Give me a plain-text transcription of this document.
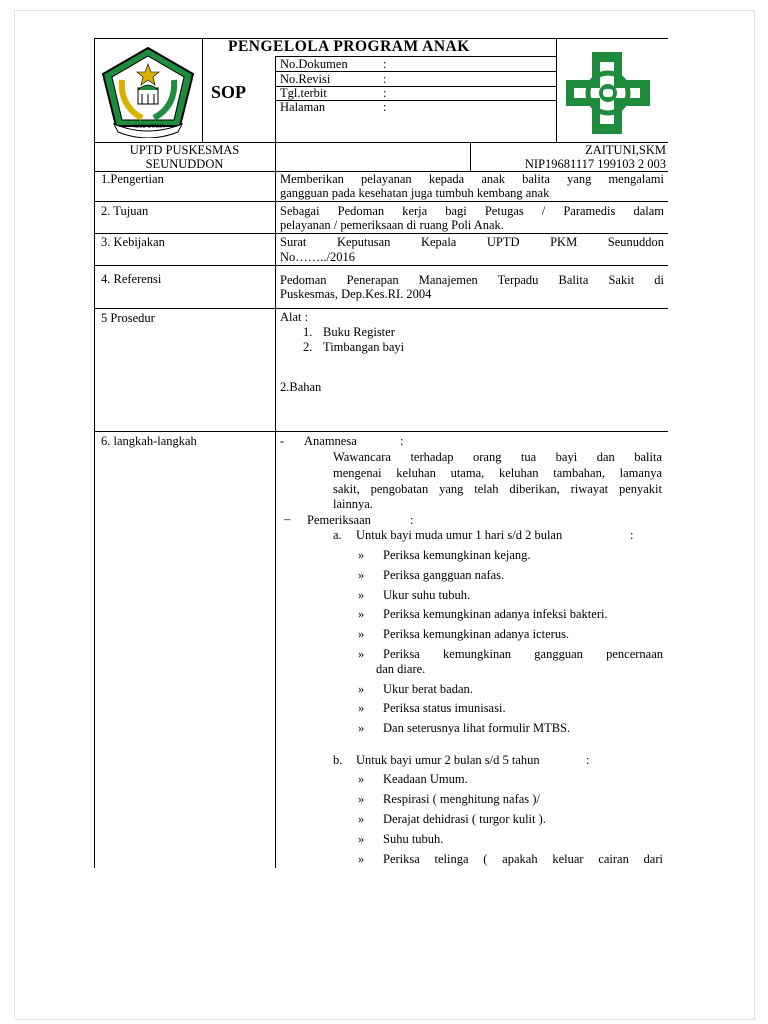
ILMU UTAMA
PENGELOLA PROGRAM ANAK
SOP
No.Dokumen	:
No.Revisi	:
Tgl.terbit	:
Halaman	:
UPTD PUSKESMAS
SEUNUDDON
ZAITUNI,SKM
NIP19681117 199103 2 003
1.Pengertian	Memberikan pelayanan kepada anak balita yang mengalami
gangguan pada kesehatan juga tumbuh kembang anak
2. Tujuan	Sebagai Pedoman kerja bagi Petugas / Paramedis dalam
pelayanan / pemeriksaan di ruang Poli Anak.
3. Kebijakan	Surat Keputusan Kepala UPTD PKM Seunuddon
No……../2016
4. Referensi	Pedoman Penerapan Manajemen Terpadu Balita Sakit di
Puskesmas, Dep.Kes.RI. 2004
5 Prosedur	Alat :
1. Buku Register
2. Timbangan bayi
2.Bahan
6. langkah-langkah	- Anamnesa	:
Wawancara terhadap orang tua bayi dan balita
mengenai keluhan utama, keluhan tambahan, lamanya
sakit, pengobatan yang telah diberikan, riwayat penyakit
lainnya.
– Pemeriksaan	:
a. Untuk bayi muda umur 1 hari s/d 2 bulan	:
» Periksa kemungkinan kejang.
» Periksa gangguan nafas.
» Ukur suhu tubuh.
» Periksa kemungkinan adanya infeksi bakteri.
» Periksa kemungkinan adanya icterus.
» Periksa kemungkinan gangguan pencernaan
dan diare.
» Ukur berat badan.
» Periksa status imunisasi.
» Dan seterusnya lihat formulir MTBS.
b. Untuk bayi umur 2 bulan s/d 5 tahun	:
» Keadaan Umum.
» Respirasi ( menghitung nafas )/
» Derajat dehidrasi ( turgor kulit ).
» Suhu tubuh.
» Periksa telinga ( apakah keluar cairan dari
